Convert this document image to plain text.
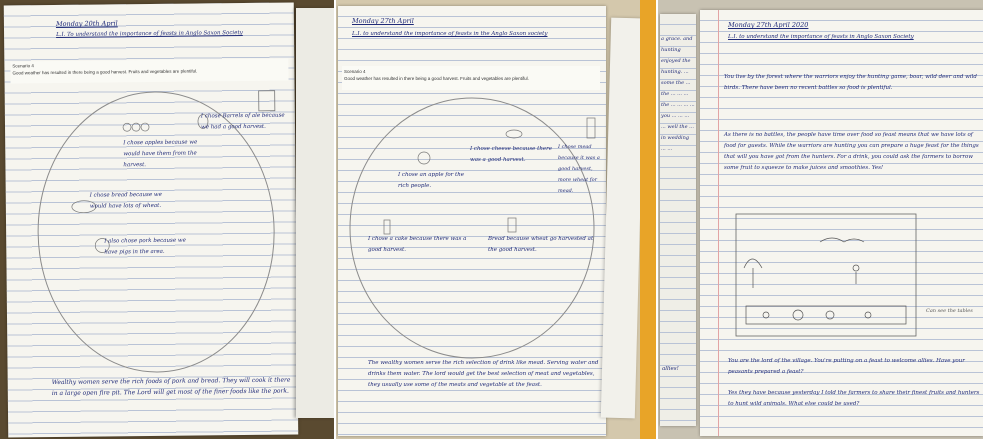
Monday 20th April
L.I. To understand the importance of feasts in Anglo Saxon Society
Scenario 4
Good weather has resulted in there being a good harvest. Fruits and vegetables are plentiful.
I chose apples because we would have them from the harvest.
I chose Barrels of ale because we had a good harvest.
I chose bread because we would have lots of wheat.
I also chose pork because we have pigs in the area.
Wealthy women serve the rich foods of pork and bread. They will cook it there in a large open fire pit. The Lord will get most of the finer foods like the pork.
Monday 27th April
L.I. to understand the importance of feasts in the Anglo Saxon society
Scenario 4
Good weather has resulted in there being a good harvest. Fruits and vegetables are plentiful.
I chose an apple for the rich people.
I chose cheese because there was a good harvest.
I chose mead because it was a good harvest, more wheat for mead.
I chose a cake because there was a good harvest.
Bread because wheat go harvested at the good harvest.
The wealthy women serve the rich selection of drink like mead. Serving water and drinks them water. The lord would get the best selection of meat and vegetables, they usually use some of the meats and vegetable at the feast.
a grace. and hunting enjoyed the hunting. ... some the ... the ... ... ... the ... ... ... ... you ... ... ... ... well the ... in wedding ... ...
allies!
Monday 27th April 2020
L.I. to understand the importance of feasts in Anglo Saxon Society
You live by the forest where the warriors enjoy the hunting game, boar, wild deer and wild birds. There have been no recent battles so food is plentiful.
As there is no battles, the people have time over food so feast means that we have lots of food for guests. While the warriors are hunting you can prepare a huge feast for the things that will you have got from the hunters. For a drink, you could ask the farmers to borrow some fruit to squeeze to make juices and smoothies. Yes!
Can see the tables
You are the lord of the village. You're putting on a feast to welcome allies. Have your peasants prepared a feast?
Yes they have because yesterday I told the farmers to share their finest fruits and hunters to hunt wild animals. What else could be used?
